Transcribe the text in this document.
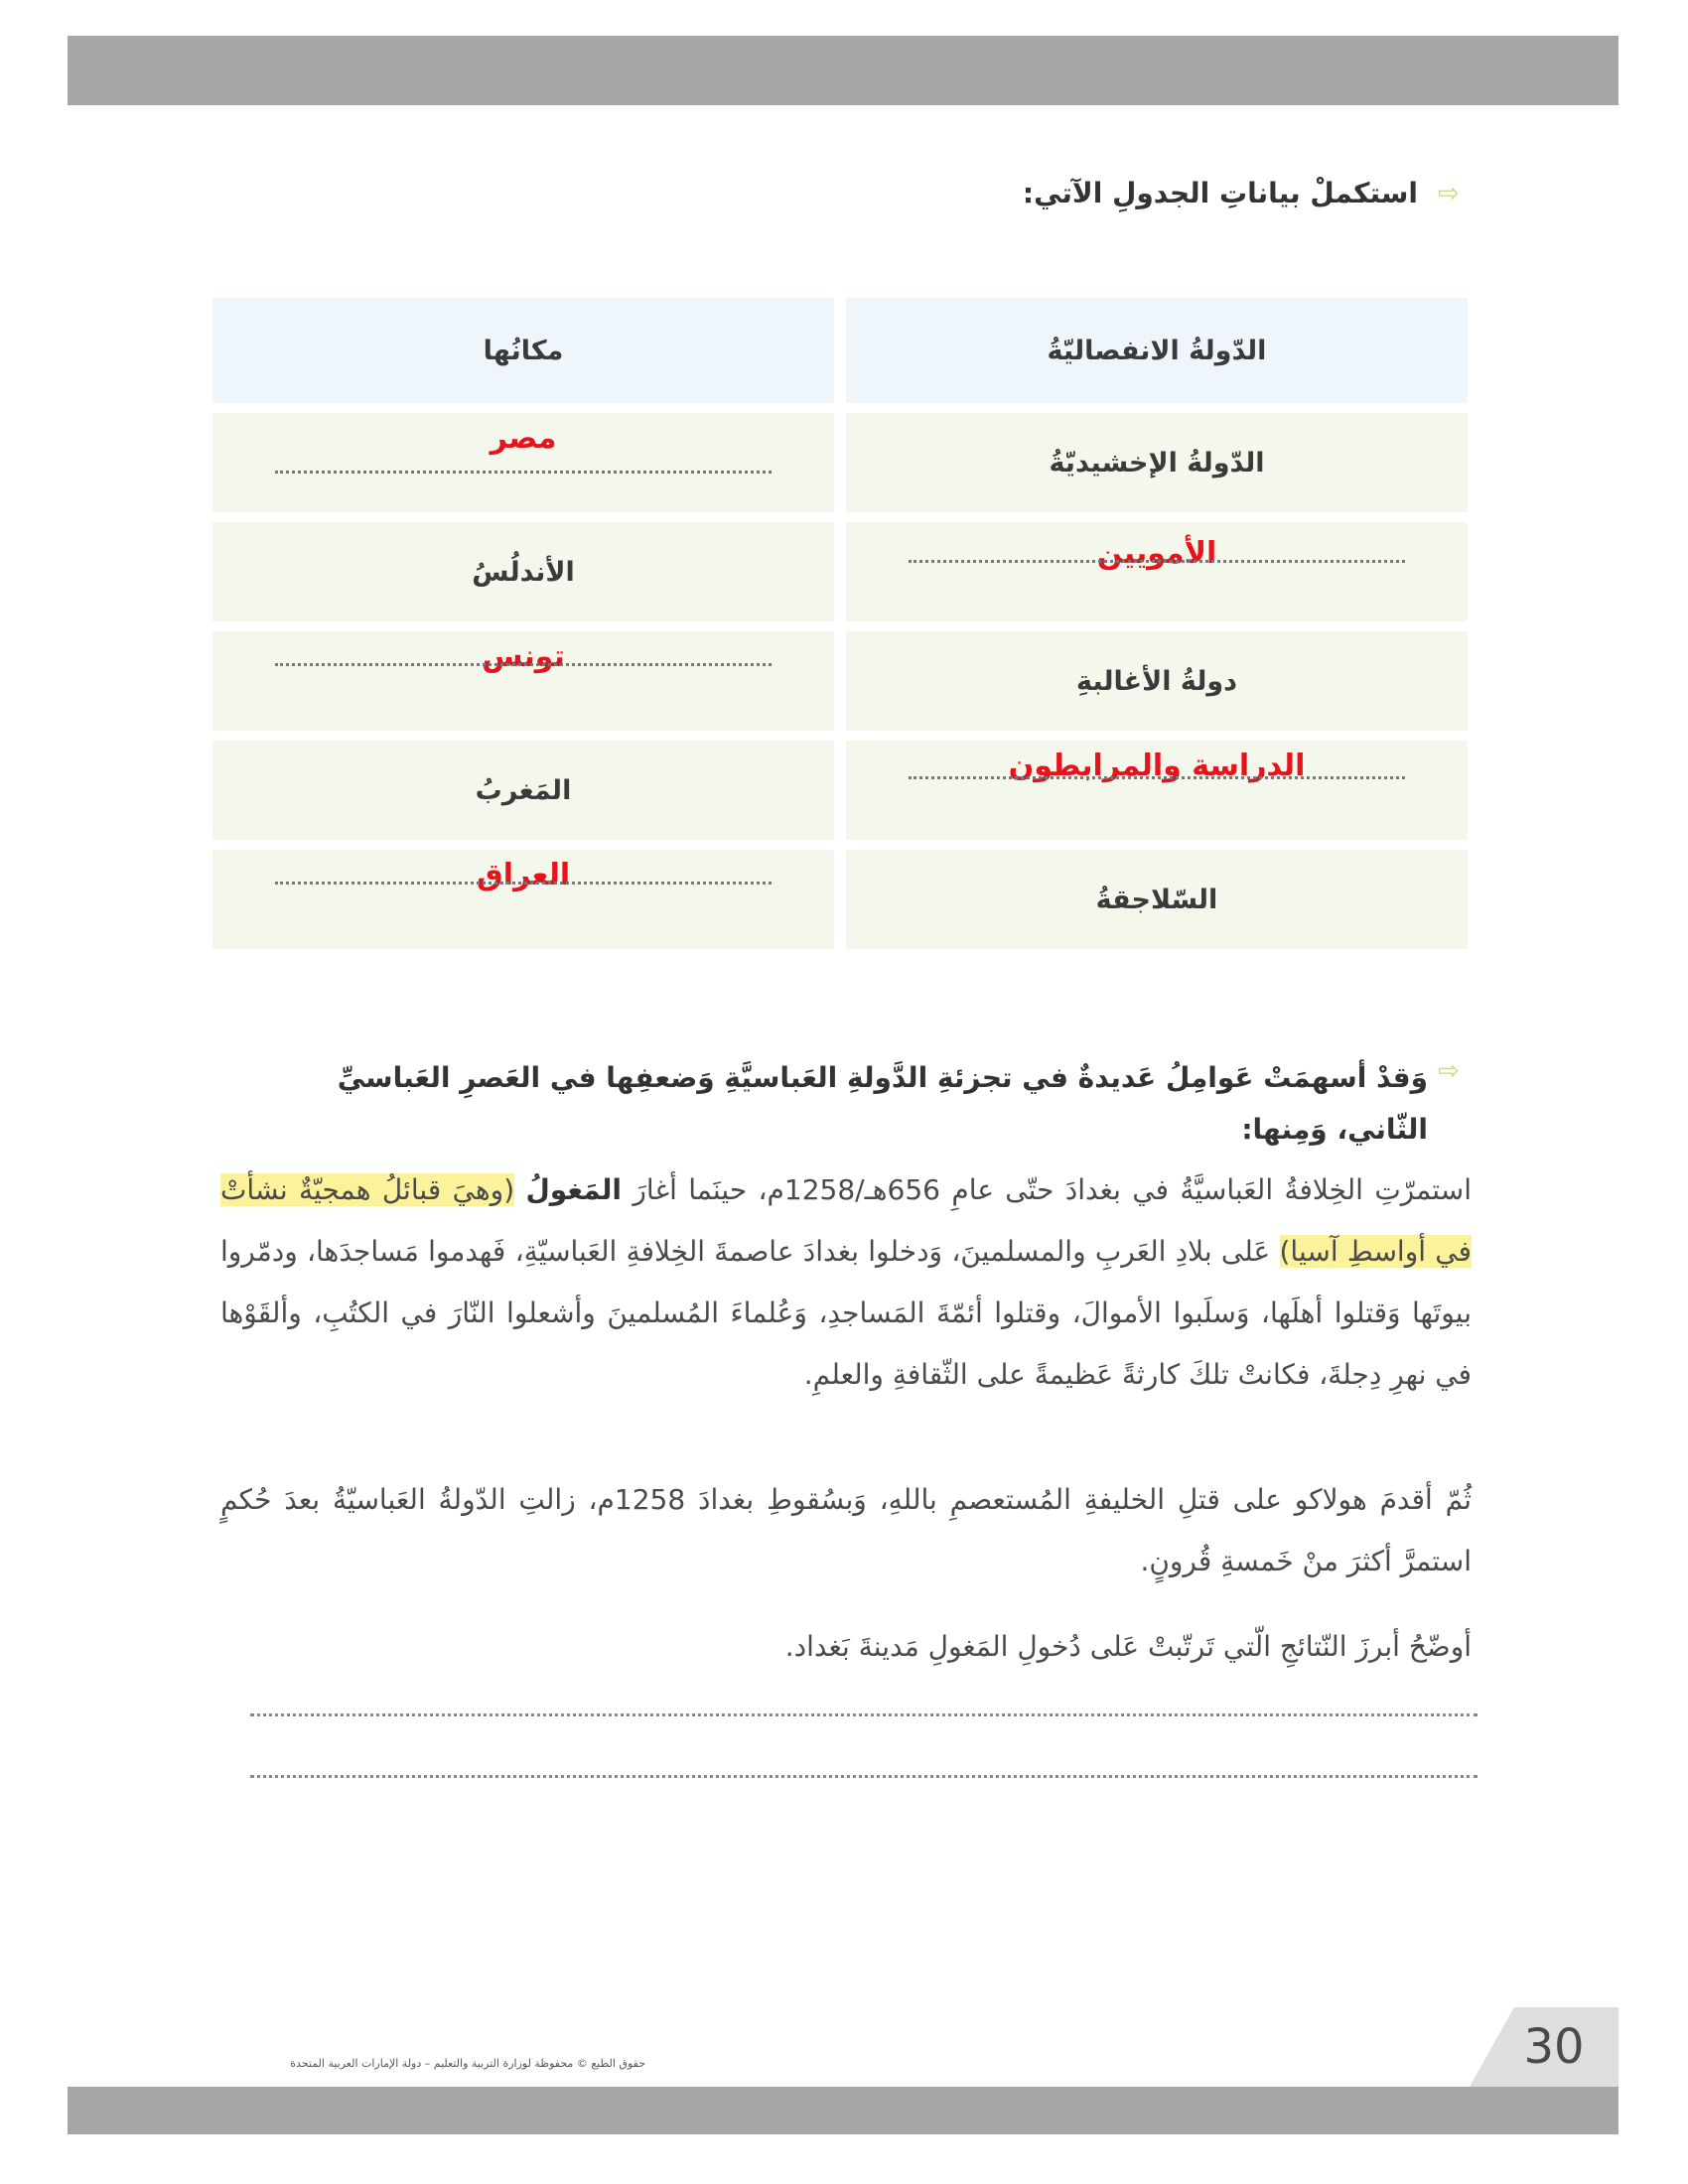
⇨
استكملْ بياناتِ الجدولِ الآتي:
الدّولةُ الانفصاليّةُ	مكانُها
الدّولةُ الإخشيديّةُ	مصر

الأمويين	الأندلُسُ
دولةُ الأغالبةِ	تونس

الدراسة والمرابطون	المَغربُ
السّلاجقةُ	العراق
⇨
وَقدْ أسهمَتْ عَوامِلُ عَديدةٌ في تجزئةِ الدَّولةِ العَباسيَّةِ وَضعفِها في العَصرِ العَباسيِّ الثّاني، وَمِنها:
استمرّتِ الخِلافةُ العَباسيَّةُ في بغدادَ حتّى عامِ 656هـ/1258م، حينَما أغارَ المَغولُ (وهيَ قبائلُ همجيّةٌ نشأتْ في أواسطِ آسيا) عَلى بلادِ العَربِ والمسلمينَ، وَدخلوا بغدادَ عاصمةَ الخِلافةِ العَباسيّةِ، فَهدموا مَساجدَها، ودمّروا بيوتَها وَقتلوا أهلَها، وَسلَبوا الأموالَ، وقتلوا أئمّةَ المَساجدِ، وَعُلماءَ المُسلمينَ وأشعلوا النّارَ في الكتُبِ، وألقَوْها في نهرِ دِجلةَ، فكانتْ تلكَ كارثةً عَظيمةً على الثّقافةِ والعلمِ.
ثُمّ أقدمَ هولاكو على قتلِ الخليفةِ المُستعصمِ باللهِ، وَبسُقوطِ بغدادَ 1258م، زالتِ الدّولةُ العَباسيّةُ بعدَ حُكمٍ استمرَّ أكثرَ منْ خَمسةِ قُرونٍ.
أوضّحُ أبرزَ النّتائجِ الّتي تَرتّبتْ عَلى دُخولِ المَغولِ مَدينةَ بَغداد.
حقوق الطبع © محفوظة لوزارة التربية والتعليم – دولة الإمارات العربية المتحدة	30
